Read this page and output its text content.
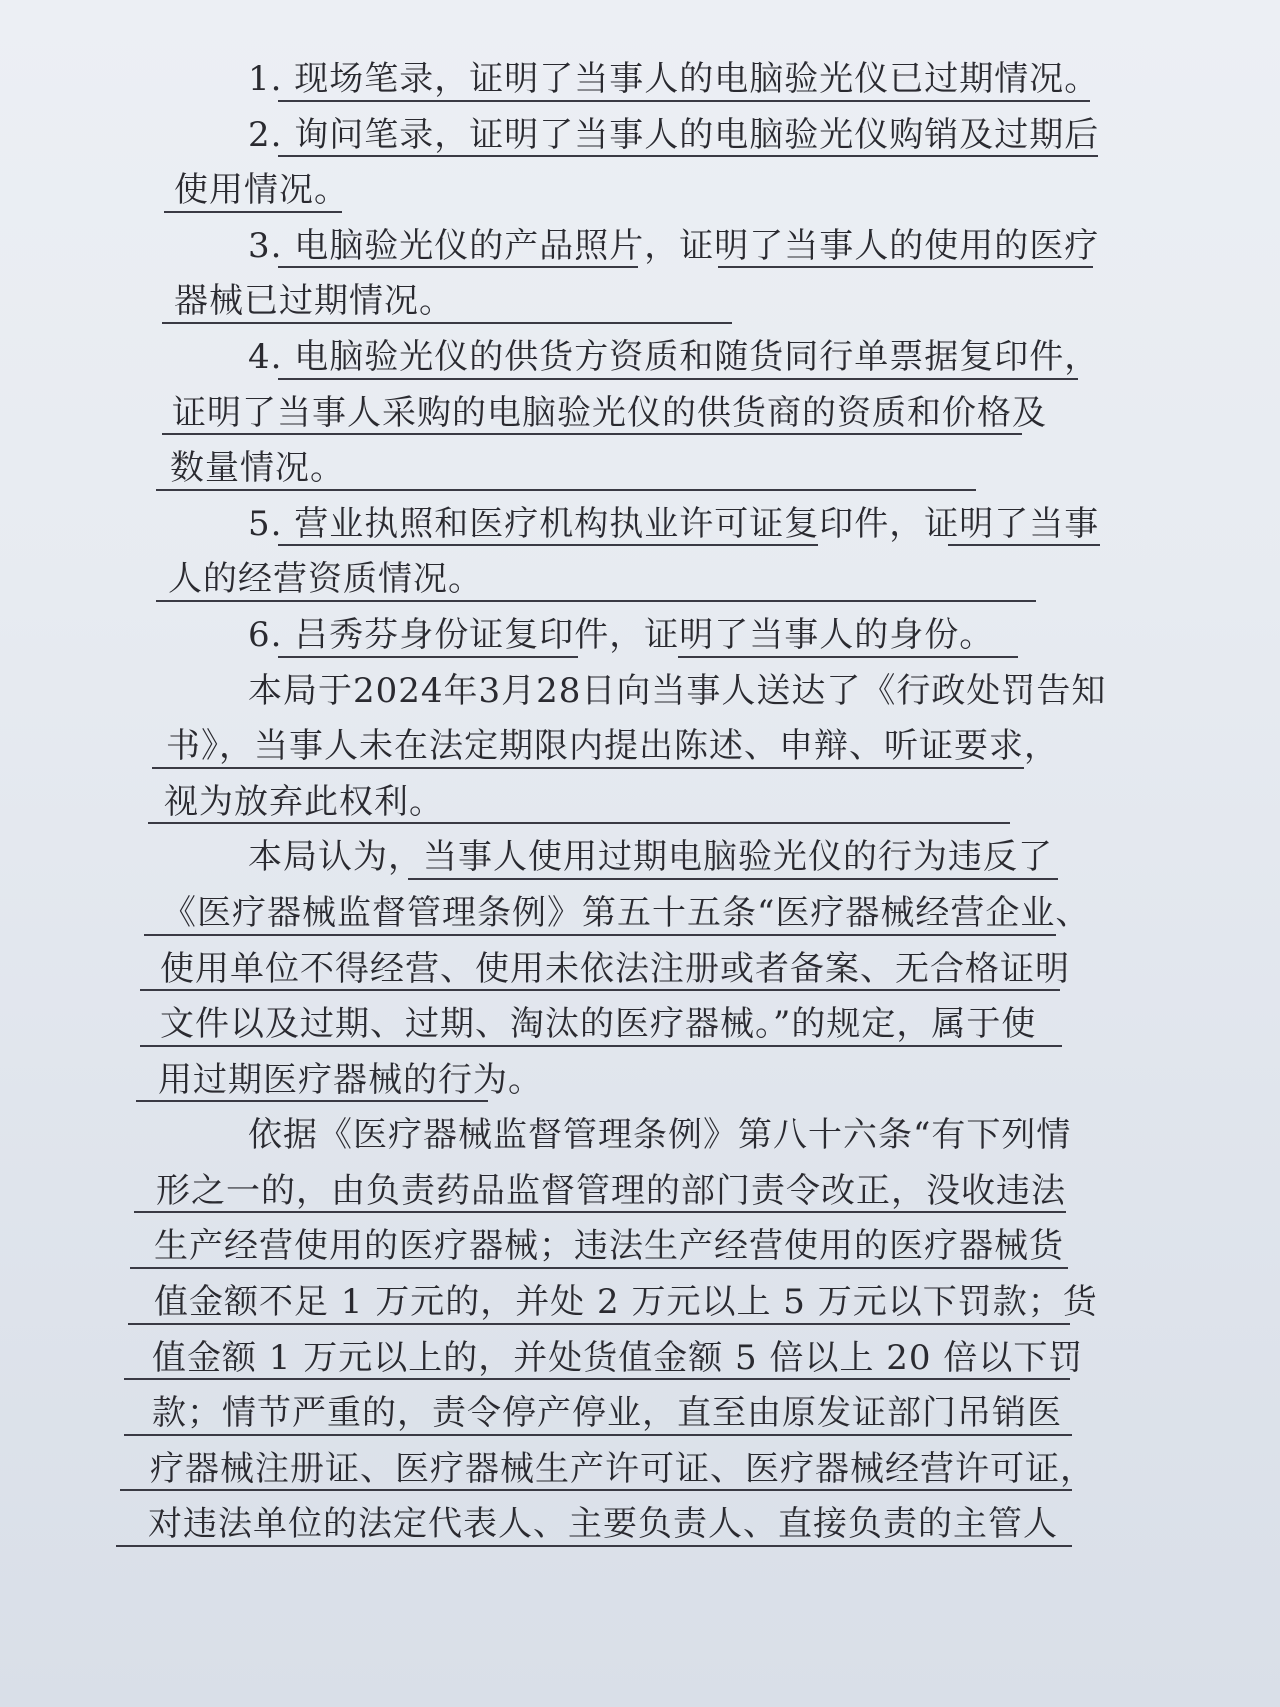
1. 现场笔录，证明了当事人的电脑验光仪已过期情况。
2. 询问笔录，证明了当事人的电脑验光仪购销及过期后
使用情况。
3. 电脑验光仪的产品照片，证明了当事人的使用的医疗
器械已过期情况。
4. 电脑验光仪的供货方资质和随货同行单票据复印件，
证明了当事人采购的电脑验光仪的供货商的资质和价格及
数量情况。
5. 营业执照和医疗机构执业许可证复印件，证明了当事
人的经营资质情况。
6. 吕秀芬身份证复印件，证明了当事人的身份。
本局于2024年3月28日向当事人送达了《行政处罚告知
书》，当事人未在法定期限内提出陈述、申辩、听证要求，
视为放弃此权利。
本局认为，当事人使用过期电脑验光仪的行为违反了
《医疗器械监督管理条例》第五十五条“医疗器械经营企业、
使用单位不得经营、使用未依法注册或者备案、无合格证明
文件以及过期、过期、淘汰的医疗器械。”的规定，属于使
用过期医疗器械的行为。
依据《医疗器械监督管理条例》第八十六条“有下列情
形之一的，由负责药品监督管理的部门责令改正，没收违法
生产经营使用的医疗器械；违法生产经营使用的医疗器械货
值金额不足 1 万元的，并处 2 万元以上 5 万元以下罚款；货
值金额 1 万元以上的，并处货值金额 5 倍以上 20 倍以下罚
款；情节严重的，责令停产停业，直至由原发证部门吊销医
疗器械注册证、医疗器械生产许可证、医疗器械经营许可证，
对违法单位的法定代表人、主要负责人、直接负责的主管人
